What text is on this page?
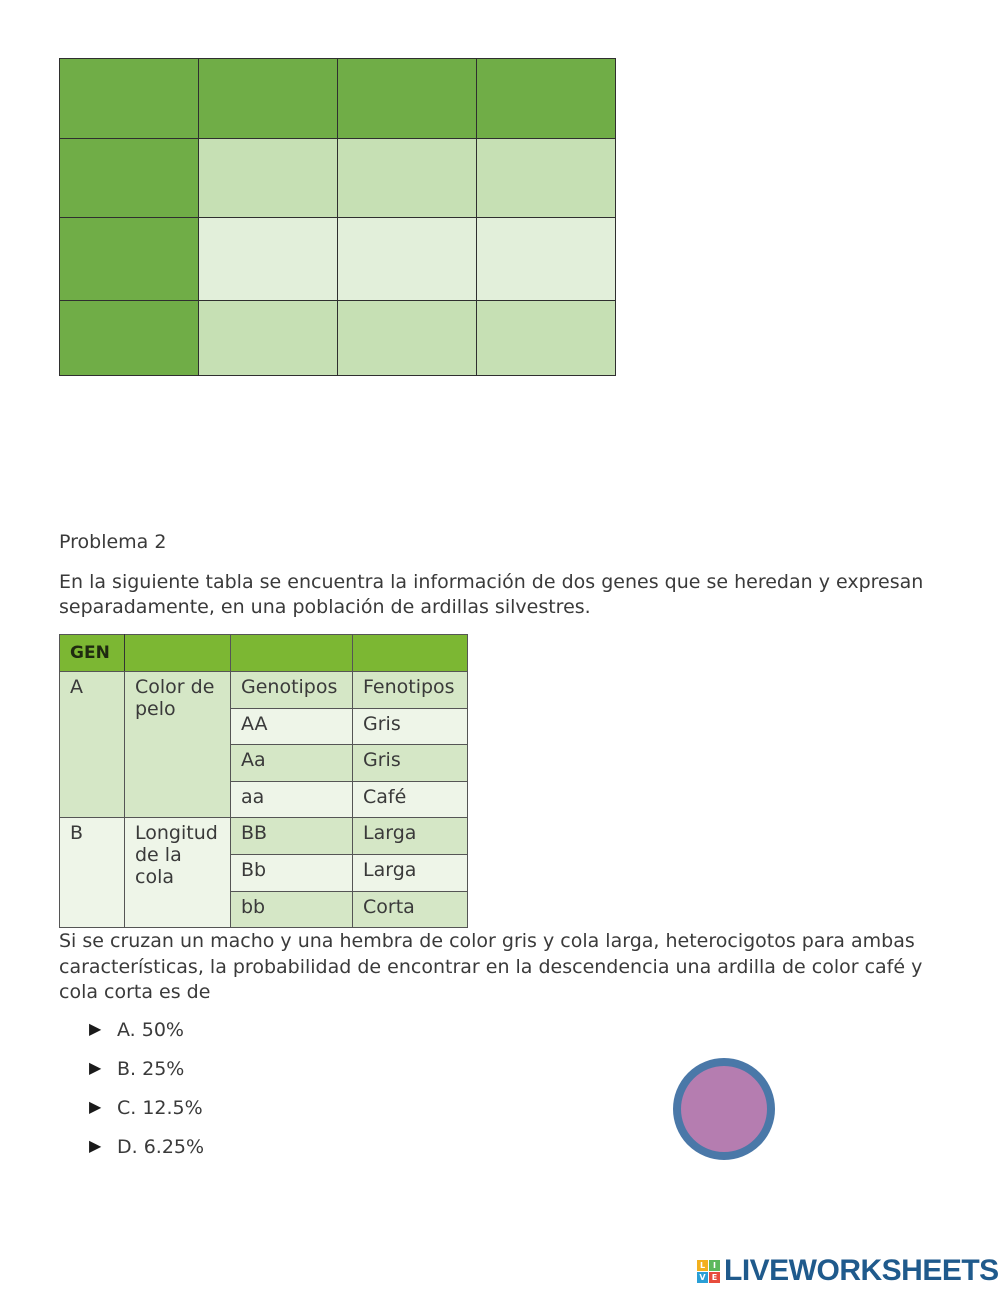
Problema 2
En la siguiente tabla se encuentra la información de dos genes que se heredan y expresan separadamente, en una población de ardillas silvestres.
GEN			
A	Color de pelo	Genotipos	Fenotipos
		AA	Gris
		Aa	Gris
		aa	Café
B	Longitud de la cola	BB	Larga
		Bb	Larga
		bb	Corta
Si se cruzan un macho y una hembra de color gris y cola larga, heterocigotos para ambas características, la probabilidad de encontrar en la descendencia una ardilla de color café y cola corta es de
▶ A. 50%
▶ B. 25%
▶ C. 12.5%
▶ D. 6.25%
L I
V E LIVEWORKSHEETS
